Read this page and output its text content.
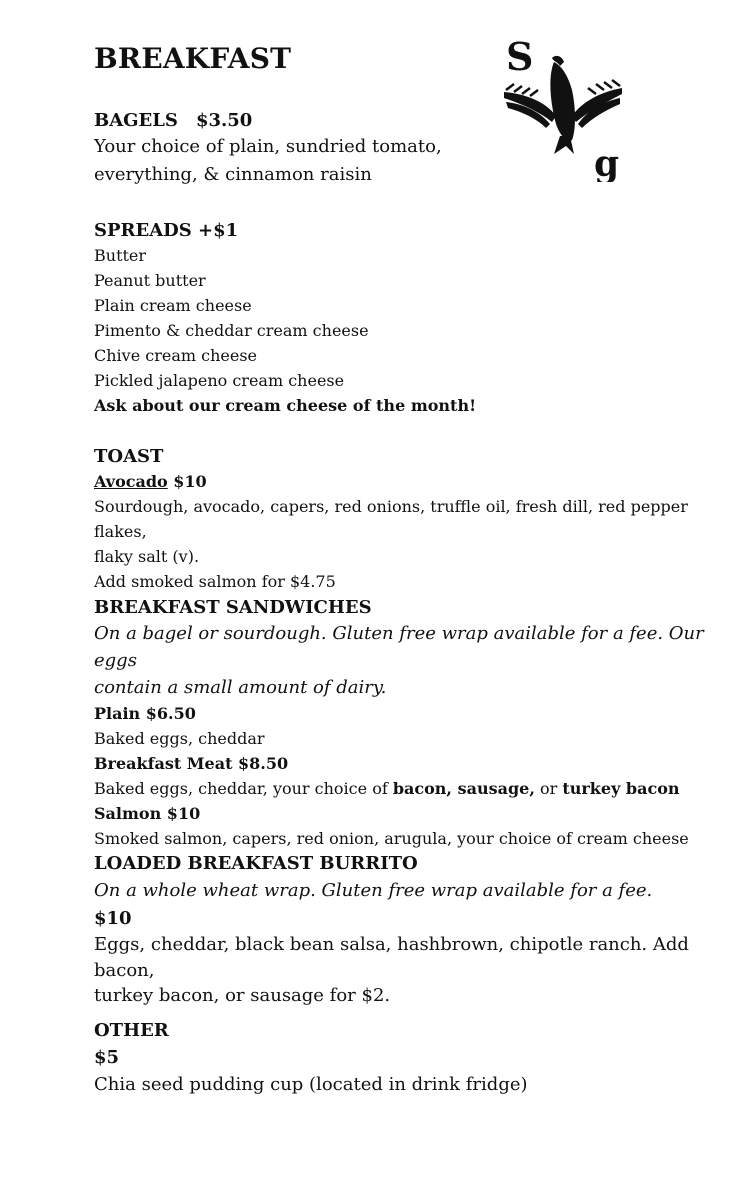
BREAKFAST	S
g

BAGELS $3.50

Your choice of plain, sundried tomato,

everything, & cinnamon raisin

SPREADS +$1

Butter

Peanut butter

Plain cream cheese

Pimento & cheddar cream cheese

Chive cream cheese

Pickled jalapeno cream cheese

Ask about our cream cheese of the month!

TOAST

Avocado $10

Sourdough, avocado, capers, red onions, truffle oil, fresh dill, red pepper flakes,

flaky salt (v).

Add smoked salmon for $4.75

BREAKFAST SANDWICHES

On a bagel or sourdough. Gluten free wrap available for a fee. Our eggs

contain a small amount of dairy.

Plain $6.50

Baked eggs, cheddar

Breakfast Meat $8.50

Baked eggs, cheddar, your choice of bacon, sausage, or turkey bacon

Salmon $10

Smoked salmon, capers, red onion, arugula, your choice of cream cheese

LOADED BREAKFAST BURRITO

On a whole wheat wrap. Gluten free wrap available for a fee.

$10

Eggs, cheddar, black bean salsa, hashbrown, chipotle ranch. Add bacon,

turkey bacon, or sausage for $2.

OTHER

$5

Chia seed pudding cup (located in drink fridge)
